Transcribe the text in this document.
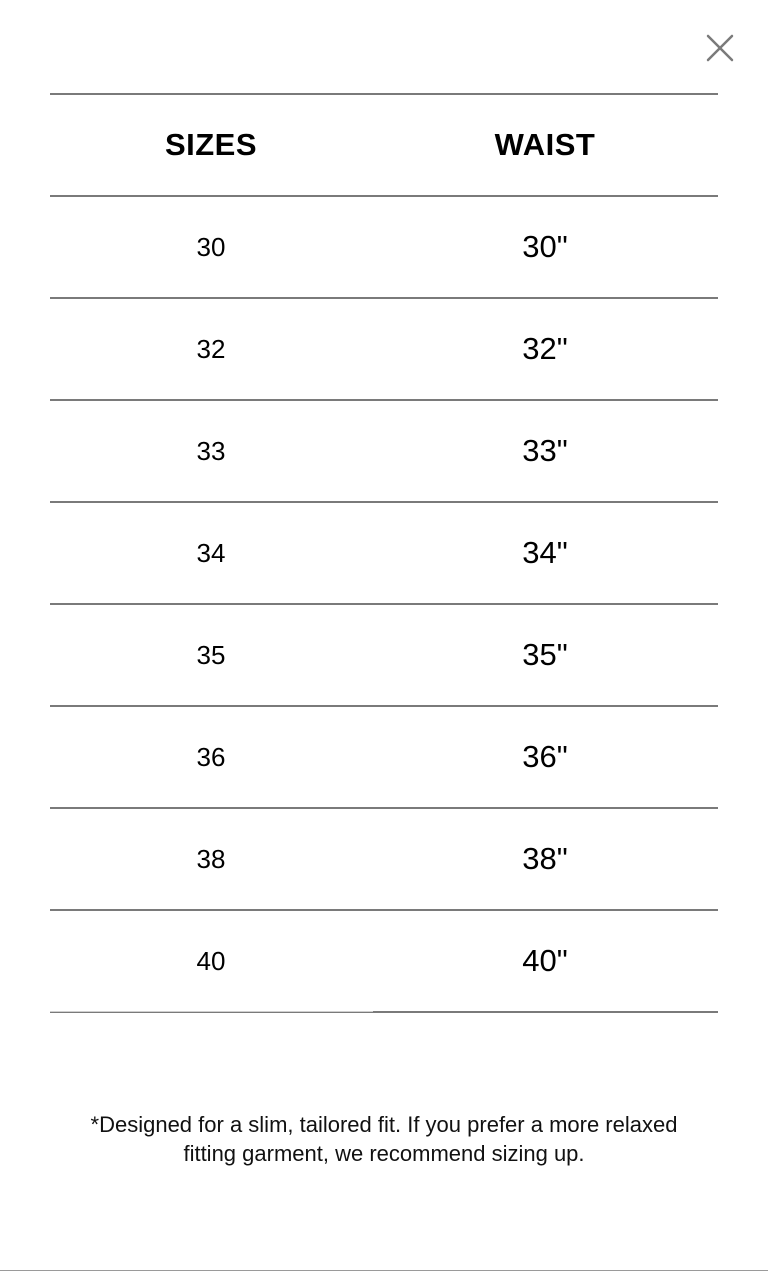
SIZES	WAIST
30	30"
32	32"
33	33"
34	34"
35	35"
36	36"
38	38"
40	40"
*Designed for a slim, tailored fit. If you prefer a more relaxed
fitting garment, we recommend sizing up.
